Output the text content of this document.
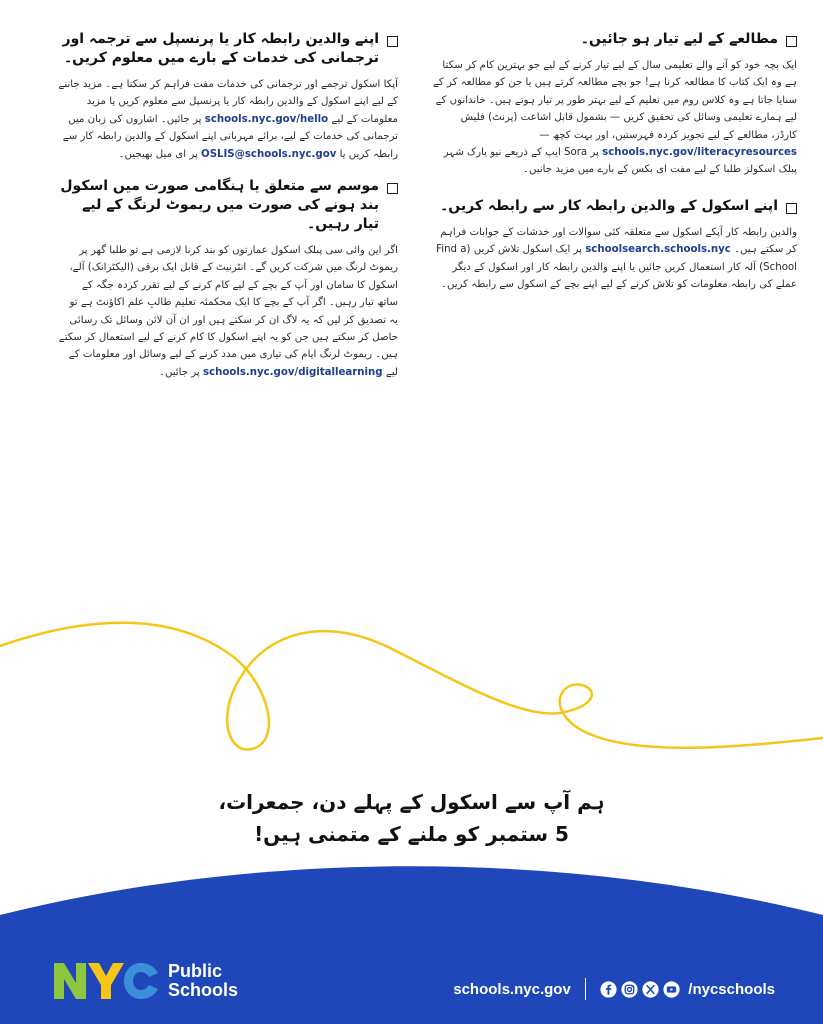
مطالعے کے لیے تیار ہو جائیں۔

ایک بچہ خود کو آنے والے تعلیمی سال کے لیے تیار کرنے کے لیے جو بہترین کام کر سکتا ہے وہ ایک کتاب کا مطالعہ کرنا ہے! جو بچے مطالعہ کرتے ہیں یا جن کو مطالعہ کر کے سنایا جاتا ہے وہ کلاس روم میں تعلیم کے لیے بہتر طور پر تیار ہوتے ہیں۔ خاندانوں کے لیے ہمارے تعلیمی وسائل کی تحقیق کریں — بشمول قابل اشاعت (پرنٹ) فلیش کارڈز، مطالعے کے لیے تجویز کردہ فہرستیں، اور بہت کچھ — schools.nyc.gov/literacyresources پر Sora ایپ کے ذریعے نیو یارک شہر پبلک اسکولز طلبا کے لیے مفت ای بکس کے بارے میں مزید جانیں۔

اپنے اسکول کے والدین رابطہ کار سے رابطہ کریں۔

والدین رابطہ کار آپکے اسکول سے متعلقہ کئی سوالات اور خدشات کے جوابات فراہم کر سکتے ہیں۔ schoolsearch.schools.nyc پر ایک اسکول تلاش کریں (Find a School) آلہ کار استعمال کریں جائیں یا اپنے والدین رابطہ کار اور اسکول کے دیگر عملے کی رابطہ معلومات کو تلاش کرنے کے لیے اپنے بچے کے اسکول سے رابطہ کریں۔

اپنے والدین رابطہ کار یا پرنسپل سے ترجمہ اور ترجمانی کی خدمات کے بارے میں معلوم کریں۔

آپکا اسکول ترجمے اور ترجمانی کی خدمات مفت فراہم کر سکتا ہے۔ مزید جاننے کے لیے اپنے اسکول کے والدین رابطہ کار یا پرنسپل سے معلوم کریں یا مزید معلومات کے لیے schools.nyc.gov/hello پر جائیں۔ اشاروں کی زبان میں ترجمانی کی خدمات کے لیے، برائے مہربانی اپنے اسکول کے والدین رابطہ کار سے رابطہ کریں یا OSLIS@schools.nyc.gov پر ای میل بھیجیں۔

موسم سے متعلق یا ہنگامی صورت میں اسکول بند ہونے کی صورت میں ریموٹ لرنگ کے لیے تیار رہیں۔

اگر این وائی سی پبلک اسکول عمارتوں کو بند کرنا لازمی ہے تو طلبا گھر پر ریموٹ لرنگ میں شرکت کریں گے۔ انٹرنیٹ کے قابل ایک برقی (الیکٹرانک) آلے، اسکول کا سامان اور آپ کے بچے کے لیے کام کرنے کے لیے تقرر کردہ جگہ کے ساتھ تیار رہیں۔ اگر آپ کے بچے کا ایک محکمئہ تعلیم طالبِ علم اکاؤنٹ ہے تو یہ تصدیق کر لیں کہ یہ لاگ ان کر سکتے ہیں اور ان آن لائن وسائل تک رسائی حاصل کر سکتے ہیں جن کو یہ اپنے اسکول کا کام کرنے کے لیے استعمال کر سکتے ہیں۔ ریموٹ لرنگ ایام کی تیاری میں مدد کرنے کے لیے وسائل اور معلومات کے لیے schools.nyc.gov/digitallearning پر جائیں۔

ہم آپ سے اسکول کے پہلے دن، جمعرات،
5 ستمبر کو ملنے کے متمنی ہیں!
Public
Schools	schools.nyc.gov	/nycschools
